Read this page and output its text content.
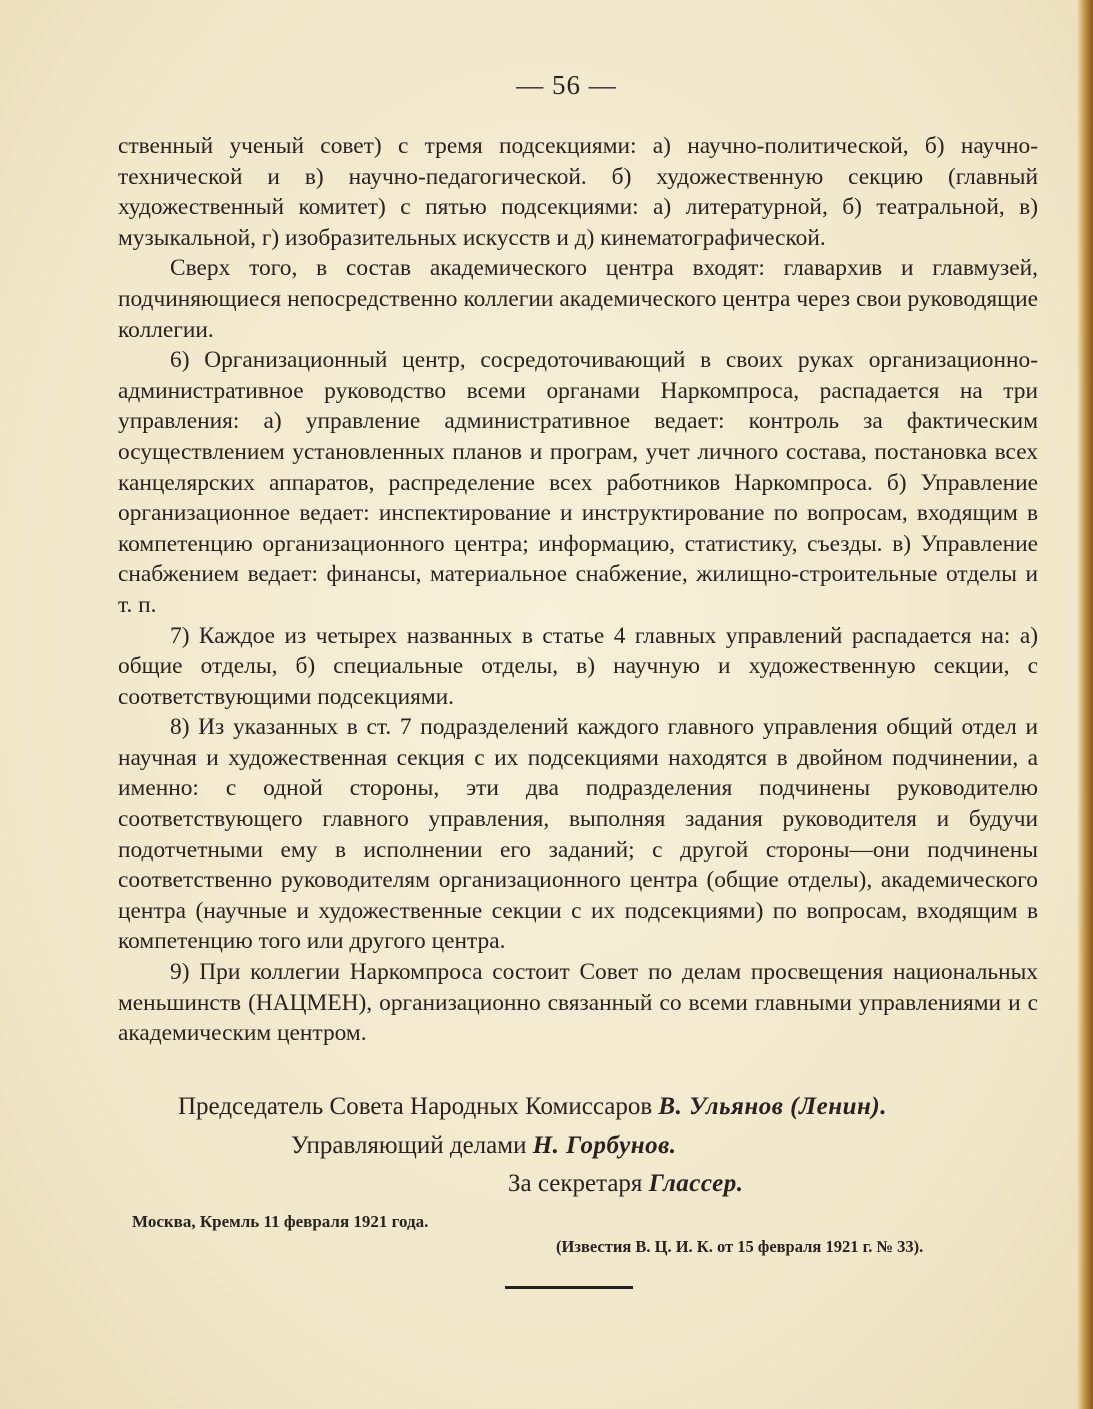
— 56 —

ственный ученый совет) с тремя подсекциями: а) научно-политической, б) научно-технической и в) научно-педагогической. б) художественную секцию (главный художественный комитет) с пятью подсекциями: а) литературной, б) театральной, в) музыкальной, г) изобразительных искусств и д) кинематографической.

Сверх того, в состав академического центра входят: главархив и главмузей, подчиняющиеся непосредственно коллегии академического центра через свои руководящие коллегии.

6) Организационный центр, сосредоточивающий в своих руках организационно-административное руководство всеми органами Наркомпроса, распадается на три управления: а) управление административное ведает: контроль за фактическим осуществлением установленных планов и програм, учет личного состава, постановка всех канцелярских аппаратов, распределение всех работников Наркомпроса. б) Управление организационное ведает: инспектирование и инструктирование по вопросам, входящим в компетенцию организационного центра; информацию, статистику, съезды. в) Управление снабжением ведает: финансы, материальное снабжение, жилищно-строительные отделы и т. п.

7) Каждое из четырех названных в статье 4 главных управлений распадается на: а) общие отделы, б) специальные отделы, в) научную и художественную секции, с соответствующими подсекциями.

8) Из указанных в ст. 7 подразделений каждого главного управления общий отдел и научная и художественная секция с их подсекциями находятся в двойном подчинении, а именно: с одной стороны, эти два подразделения подчинены руководителю соответствующего главного управления, выполняя задания руководителя и будучи подотчетными ему в исполнении его заданий; с другой стороны—они подчинены соответственно руководителям организационного центра (общие отделы), академического центра (научные и художественные секции с их подсекциями) по вопросам, входящим в компетенцию того или другого центра.

9) При коллегии Наркомпроса состоит Совет по делам просвещения национальных меньшинств (НАЦМЕН), организационно связанный со всеми главными управлениями и с академическим центром.

Председатель Совета Народных Комиссаров В. Ульянов (Ленин).
Управляющий делами Н. Горбунов.
За секретаря Глассер.
Москва, Кремль 11 февраля 1921 года.
(Известия В. Ц. И. К. от 15 февраля 1921 г. № 33).
